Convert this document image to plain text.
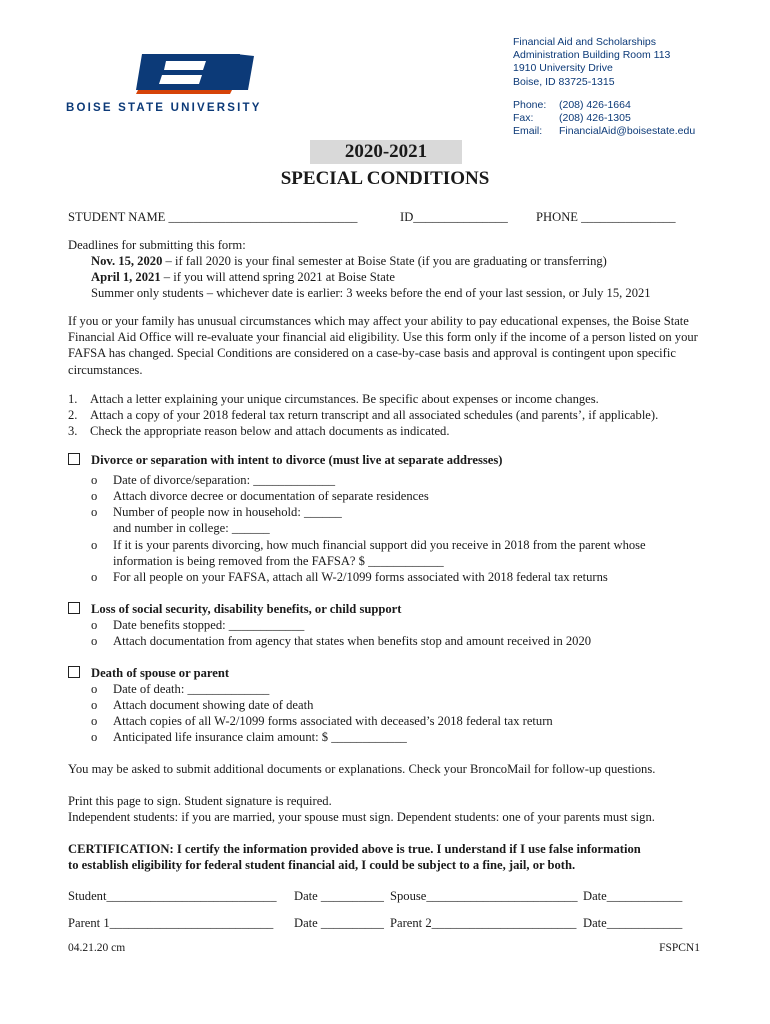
BOISE STATE UNIVERSITY
Financial Aid and Scholarships
Administration Building Room 113
1910 University Drive
Boise, ID 83725-1315
Phone: (208) 426-1664
Fax: (208) 426-1305
Email: FinancialAid@boisestate.edu
2020-2021
SPECIAL CONDITIONS
STUDENT NAME ______________________________	ID_______________ PHONE _______________
Deadlines for submitting this form:
Nov. 15, 2020 – if fall 2020 is your final semester at Boise State (if you are graduating or transferring)
April 1, 2021 – if you will attend spring 2021 at Boise State
Summer only students – whichever date is earlier: 3 weeks before the end of your last session, or July 15, 2021
If you or your family has unusual circumstances which may affect your ability to pay educational expenses, the Boise State Financial Aid Office will re-evaluate your financial aid eligibility. Use this form only if the income of a person listed on your FAFSA has changed. Special Conditions are considered on a case-by-case basis and approval is contingent upon specific circumstances.
1. Attach a letter explaining your unique circumstances. Be specific about expenses or income changes.
2. Attach a copy of your 2018 federal tax return transcript and all associated schedules (and parents’, if applicable).
3. Check the appropriate reason below and attach documents as indicated.
Divorce or separation with intent to divorce (must live at separate addresses)
o Date of divorce/separation: _____________
o Attach divorce decree or documentation of separate residences
o Number of people now in household: ______
and number in college: ______
o If it is your parents divorcing, how much financial support did you receive in 2018 from the parent whose
information is being removed from the FAFSA? $ ____________
o For all people on your FAFSA, attach all W-2/1099 forms associated with 2018 federal tax returns
Loss of social security, disability benefits, or child support
o Date benefits stopped: ____________
o Attach documentation from agency that states when benefits stop and amount received in 2020
Death of spouse or parent
o Date of death: _____________
o Attach document showing date of death
o Attach copies of all W-2/1099 forms associated with deceased’s 2018 federal tax return
o Anticipated life insurance claim amount: $ ____________
You may be asked to submit additional documents or explanations. Check your BroncoMail for follow-up questions.
Print this page to sign. Student signature is required.
Independent students: if you are married, your spouse must sign. Dependent students: one of your parents must sign.
CERTIFICATION: I certify the information provided above is true. I understand if I use false information
to establish eligibility for federal student financial aid, I could be subject to a fine, jail, or both.
Student___________________________ Date __________ Spouse________________________ Date____________
Parent 1__________________________ Date __________ Parent 2_______________________ Date____________
04.21.20 cm	FSPCN1
